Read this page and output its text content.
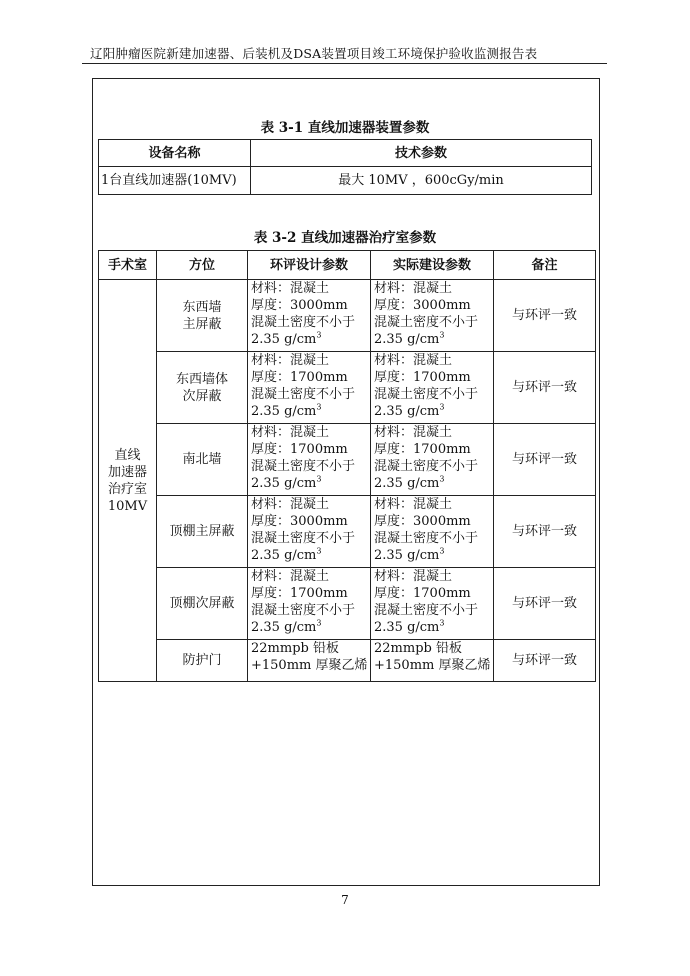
辽阳肿瘤医院新建加速器、后装机及DSA装置项目竣工环境保护验收监测报告表
表 3-1 直线加速器装置参数
设备名称	技术参数
1台直线加速器(10MV)	最大 10MV ，600cGy/min
表 3-2 直线加速器治疗室参数
手术室	方位	环评设计参数	实际建设参数	备注

直线
加速器
治疗室
10MV	东西墙
主屏蔽	材料：混凝土
厚度：3000mm
混凝土密度不小于
2.35 $g/cm^3$	材料：混凝土
厚度：3000mm
混凝土密度不小于
2.35 $g/cm^3$	与环评一致

	东西墙体
次屏蔽	材料：混凝土
厚度：1700mm
混凝土密度不小于
2.35 $g/cm^3$	材料：混凝土
厚度：1700mm
混凝土密度不小于
2.35 $g/cm^3$	与环评一致

	南北墙	材料：混凝土
厚度：1700mm
混凝土密度不小于
2.35 $g/cm^3$	材料：混凝土
厚度：1700mm
混凝土密度不小于
2.35 $g/cm^3$	与环评一致

	顶棚主屏蔽	材料：混凝土
厚度：3000mm
混凝土密度不小于
2.35 $g/cm^3$	材料：混凝土
厚度：3000mm
混凝土密度不小于
2.35 $g/cm^3$	与环评一致

	顶棚次屏蔽	材料：混凝土
厚度：1700mm
混凝土密度不小于
2.35 $g/cm^3$	材料：混凝土
厚度：1700mm
混凝土密度不小于
2.35 $g/cm^3$	与环评一致

	防护门	22mmpb 铅板
+150mm 厚聚乙烯	22mmpb 铅板
+150mm 厚聚乙烯	与环评一致
7
